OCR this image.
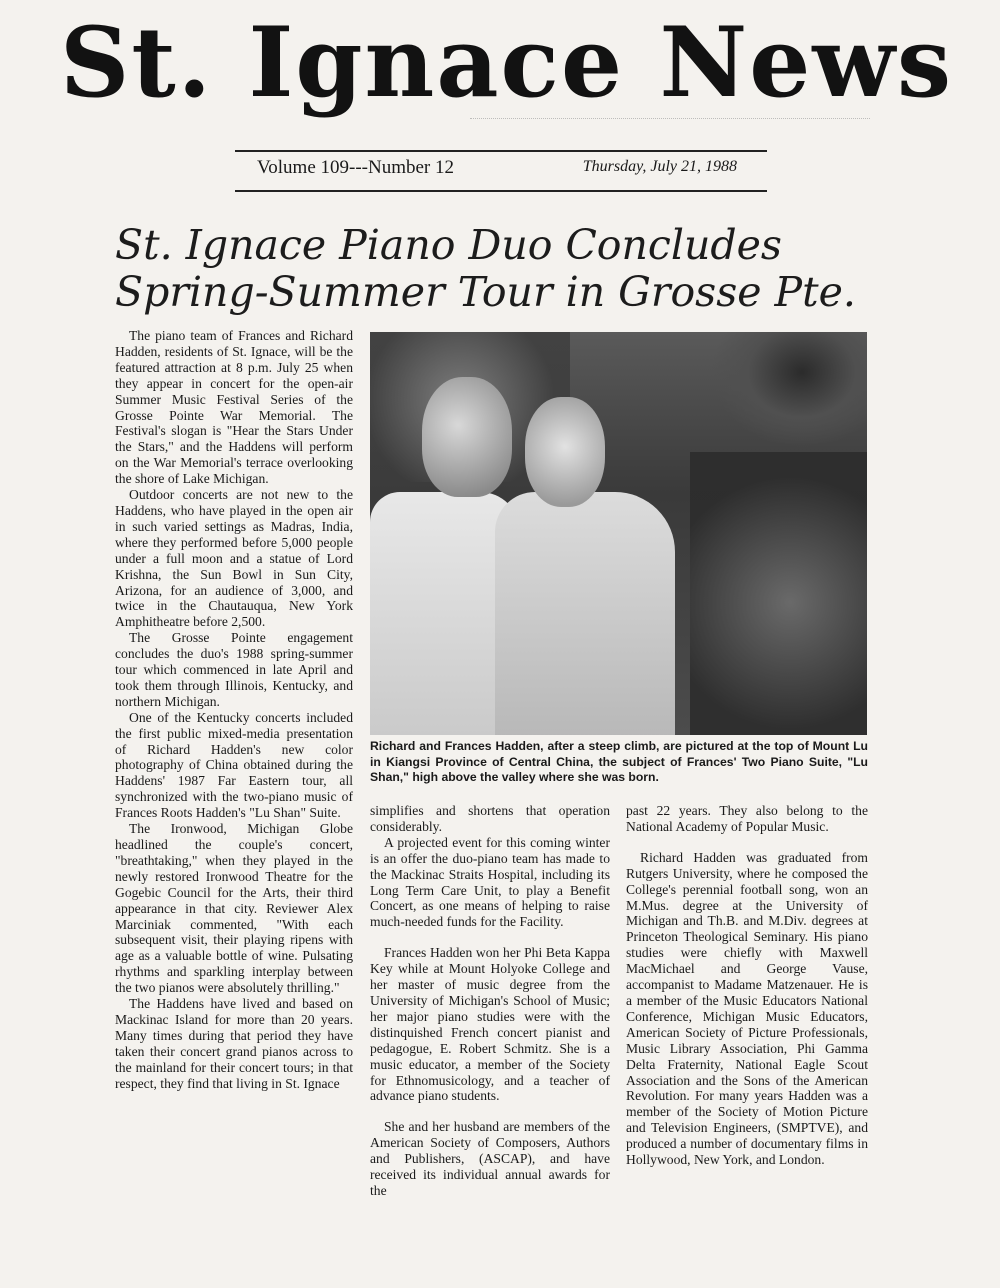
St. Ignace News
Volume 109---Number 12	Thursday, July 21, 1988
St. Ignace Piano Duo Concludes
Spring-Summer Tour in Grosse Pte.

The piano team of Frances and Richard Hadden, residents of St. Ignace, will be the featured attraction at 8 p.m. July 25 when they appear in concert for the open-air Summer Music Festival Series of the Grosse Pointe War Memorial. The Festival's slogan is "Hear the Stars Under the Stars," and the Haddens will perform on the War Memorial's terrace overlooking the shore of Lake Michigan.

Outdoor concerts are not new to the Haddens, who have played in the open air in such varied settings as Madras, India, where they performed before 5,000 people under a full moon and a statue of Lord Krishna, the Sun Bowl in Sun City, Arizona, for an audience of 3,000, and twice in the Chautauqua, New York Amphitheatre before 2,500.

The Grosse Pointe engagement concludes the duo's 1988 spring-summer tour which commenced in late April and took them through Illinois, Kentucky, and northern Michigan.

One of the Kentucky concerts included the first public mixed-media presentation of Richard Hadden's new color photography of China obtained during the Haddens' 1987 Far Eastern tour, all synchronized with the two-piano music of Frances Roots Hadden's "Lu Shan" Suite.

The Ironwood, Michigan Globe headlined the couple's concert, "breathtaking," when they played in the newly restored Ironwood Theatre for the Gogebic Council for the Arts, their third appearance in that city. Reviewer Alex Marciniak commented, "With each subsequent visit, their playing ripens with age as a valuable bottle of wine. Pulsating rhythms and sparkling interplay between the two pianos were absolutely thrilling."

The Haddens have lived and based on Mackinac Island for more than 20 years. Many times during that period they have taken their concert grand pianos across to the mainland for their concert tours; in that respect, they find that living in St. Ignace

Richard and Frances Hadden, after a steep climb, are pictured at the top of Mount Lu in Kiangsi Province of Central China, the subject of Frances' Two Piano Suite, "Lu Shan," high above the valley where she was born.

simplifies and shortens that operation considerably.

A projected event for this coming winter is an offer the duo-piano team has made to the Mackinac Straits Hospital, including its Long Term Care Unit, to play a Benefit Concert, as one means of helping to raise much-needed funds for the Facility.

Frances Hadden won her Phi Beta Kappa Key while at Mount Holyoke College and her master of music degree from the University of Michigan's School of Music; her major piano studies were with the distinquished French concert pianist and pedagogue, E. Robert Schmitz. She is a music educator, a member of the Society for Ethnomusicology, and a teacher of advance piano students.

She and her husband are members of the American Society of Composers, Authors and Publishers, (ASCAP), and have received its individual annual awards for the

past 22 years. They also belong to the National Academy of Popular Music.

Richard Hadden was graduated from Rutgers University, where he composed the College's perennial football song, won an M.Mus. degree at the University of Michigan and Th.B. and M.Div. degrees at Princeton Theological Seminary. His piano studies were chiefly with Maxwell MacMichael and George Vause, accompanist to Madame Matzenauer. He is a member of the Music Educators National Conference, Michigan Music Educators, American Society of Picture Professionals, Music Library Association, Phi Gamma Delta Fraternity, National Eagle Scout Association and the Sons of the American Revolution. For many years Hadden was a member of the Society of Motion Picture and Television Engineers, (SMPTVE), and produced a number of documentary films in Hollywood, New York, and London.
